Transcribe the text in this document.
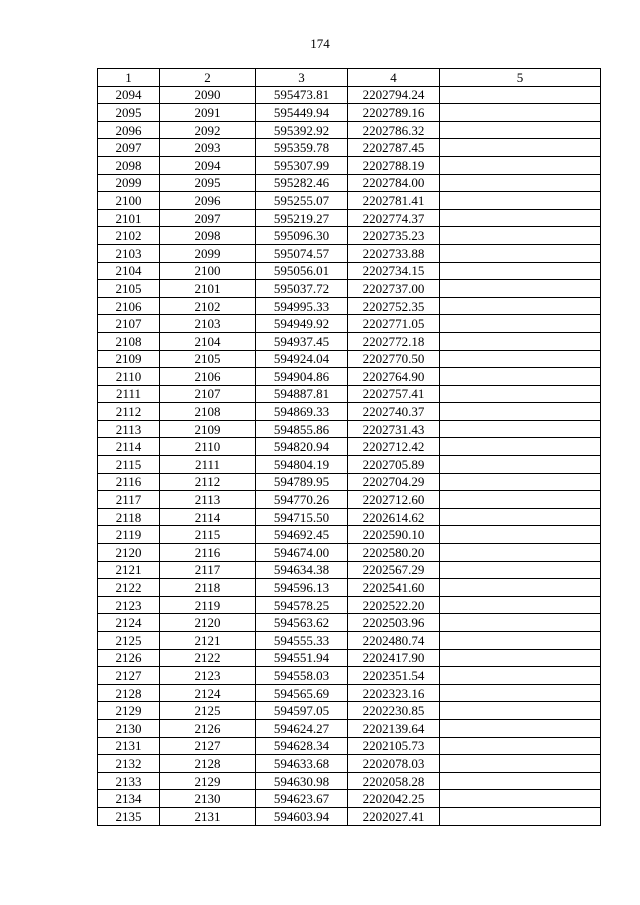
174
1	2	3	4	5
2094	2090	595473.81	2202794.24	
2095	2091	595449.94	2202789.16	
2096	2092	595392.92	2202786.32	
2097	2093	595359.78	2202787.45	
2098	2094	595307.99	2202788.19	
2099	2095	595282.46	2202784.00	
2100	2096	595255.07	2202781.41	
2101	2097	595219.27	2202774.37	
2102	2098	595096.30	2202735.23	
2103	2099	595074.57	2202733.88	
2104	2100	595056.01	2202734.15	
2105	2101	595037.72	2202737.00	
2106	2102	594995.33	2202752.35	
2107	2103	594949.92	2202771.05	
2108	2104	594937.45	2202772.18	
2109	2105	594924.04	2202770.50	
2110	2106	594904.86	2202764.90	
2111	2107	594887.81	2202757.41	
2112	2108	594869.33	2202740.37	
2113	2109	594855.86	2202731.43	
2114	2110	594820.94	2202712.42	
2115	2111	594804.19	2202705.89	
2116	2112	594789.95	2202704.29	
2117	2113	594770.26	2202712.60	
2118	2114	594715.50	2202614.62	
2119	2115	594692.45	2202590.10	
2120	2116	594674.00	2202580.20	
2121	2117	594634.38	2202567.29	
2122	2118	594596.13	2202541.60	
2123	2119	594578.25	2202522.20	
2124	2120	594563.62	2202503.96	
2125	2121	594555.33	2202480.74	
2126	2122	594551.94	2202417.90	
2127	2123	594558.03	2202351.54	
2128	2124	594565.69	2202323.16	
2129	2125	594597.05	2202230.85	
2130	2126	594624.27	2202139.64	
2131	2127	594628.34	2202105.73	
2132	2128	594633.68	2202078.03	
2133	2129	594630.98	2202058.28	
2134	2130	594623.67	2202042.25	
2135	2131	594603.94	2202027.41	
